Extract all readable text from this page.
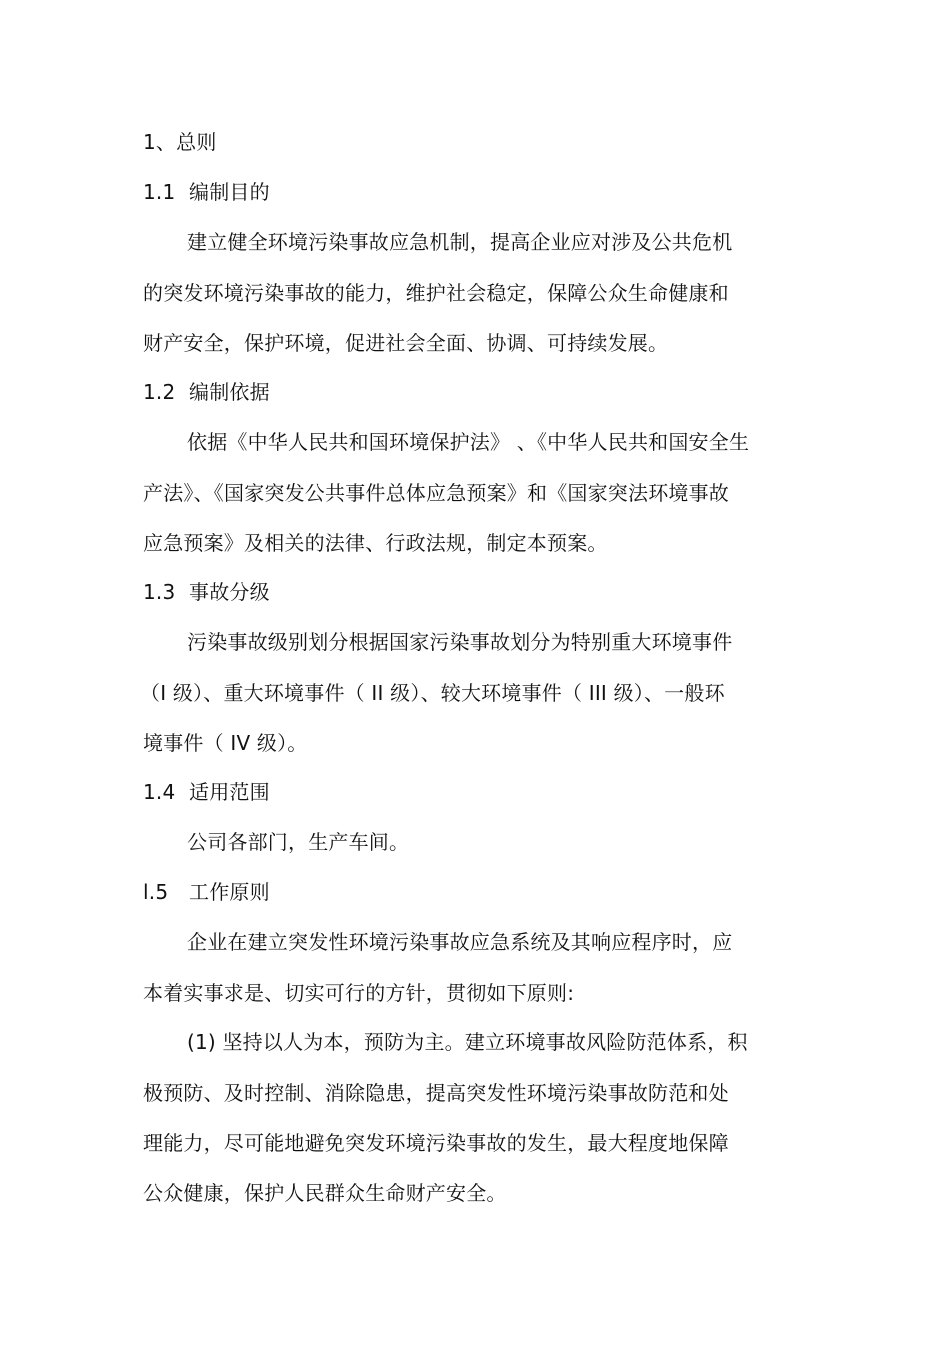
1、总则
1.1 编制目的
建立健全环境污染事故应急机制，提高企业应对涉及公共危机
的突发环境污染事故的能力，维护社会稳定，保障公众生命健康和
财产安全，保护环境，促进社会全面、协调、可持续发展。
1.2 编制依据
依据《中华人民共和国环境保护法》 、《中华人民共和国安全生
产法》、《国家突发公共事件总体应急预案》和《国家突法环境事故
应急预案》及相关的法律、行政法规，制定本预案。
1.3 事故分级
污染事故级别划分根据国家污染事故划分为特别重大环境事件
（I 级）、重大环境事件（ II 级）、较大环境事件（ III 级）、一般环
境事件（ IV 级）。
1.4 适用范围
公司各部门，生产车间。
l.5 工作原则
企业在建立突发性环境污染事故应急系统及其响应程序时，应
本着实事求是、切实可行的方针，贯彻如下原则:
(1) 坚持以人为本，预防为主。建立环境事故风险防范体系，积
极预防、及时控制、消除隐患，提高突发性环境污染事故防范和处
理能力，尽可能地避免突发环境污染事故的发生，最大程度地保障
公众健康，保护人民群众生命财产安全。
